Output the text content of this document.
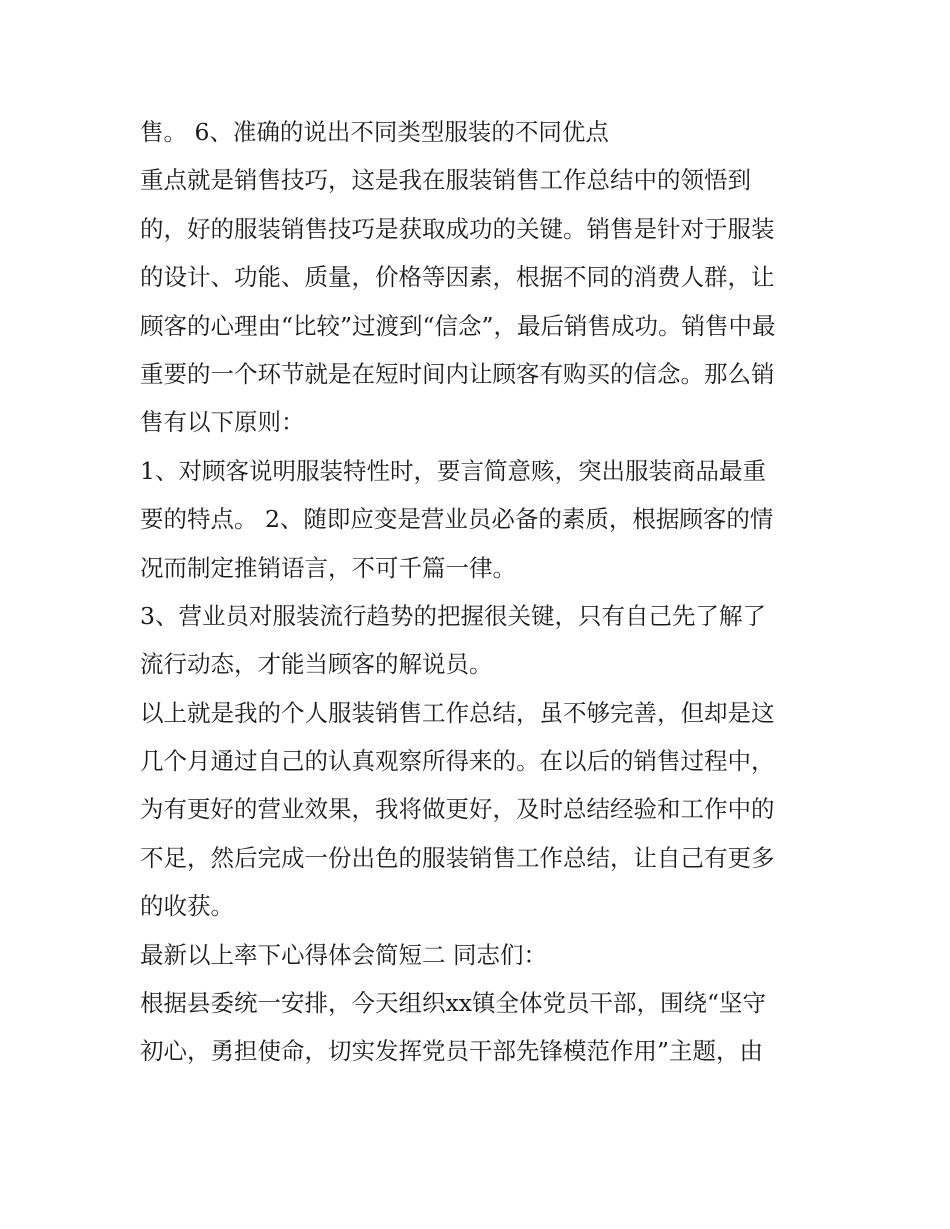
售。 6、准确的说出不同类型服装的不同优点
重点就是销售技巧，这是我在服装销售工作总结中的领悟到
的，好的服装销售技巧是获取成功的关键。销售是针对于服装
的设计、功能、质量，价格等因素，根据不同的消费人群，让
顾客的心理由“比较”过渡到“信念”，最后销售成功。销售中最
重要的一个环节就是在短时间内让顾客有购买的信念。那么销
售有以下原则：
1、对顾客说明服装特性时，要言简意赅，突出服装商品最重
要的特点。 2、随即应变是营业员必备的素质，根据顾客的情
况而制定推销语言，不可千篇一律。
3、营业员对服装流行趋势的把握很关键，只有自己先了解了
流行动态，才能当顾客的解说员。
以上就是我的个人服装销售工作总结，虽不够完善，但却是这
几个月通过自己的认真观察所得来的。在以后的销售过程中，
为有更好的营业效果，我将做更好，及时总结经验和工作中的
不足，然后完成一份出色的服装销售工作总结，让自己有更多
的收获。
最新以上率下心得体会简短二 同志们：
根据县委统一安排，今天组织xx镇全体党员干部，围绕“坚守
初心，勇担使命，切实发挥党员干部先锋模范作用”主题，由
